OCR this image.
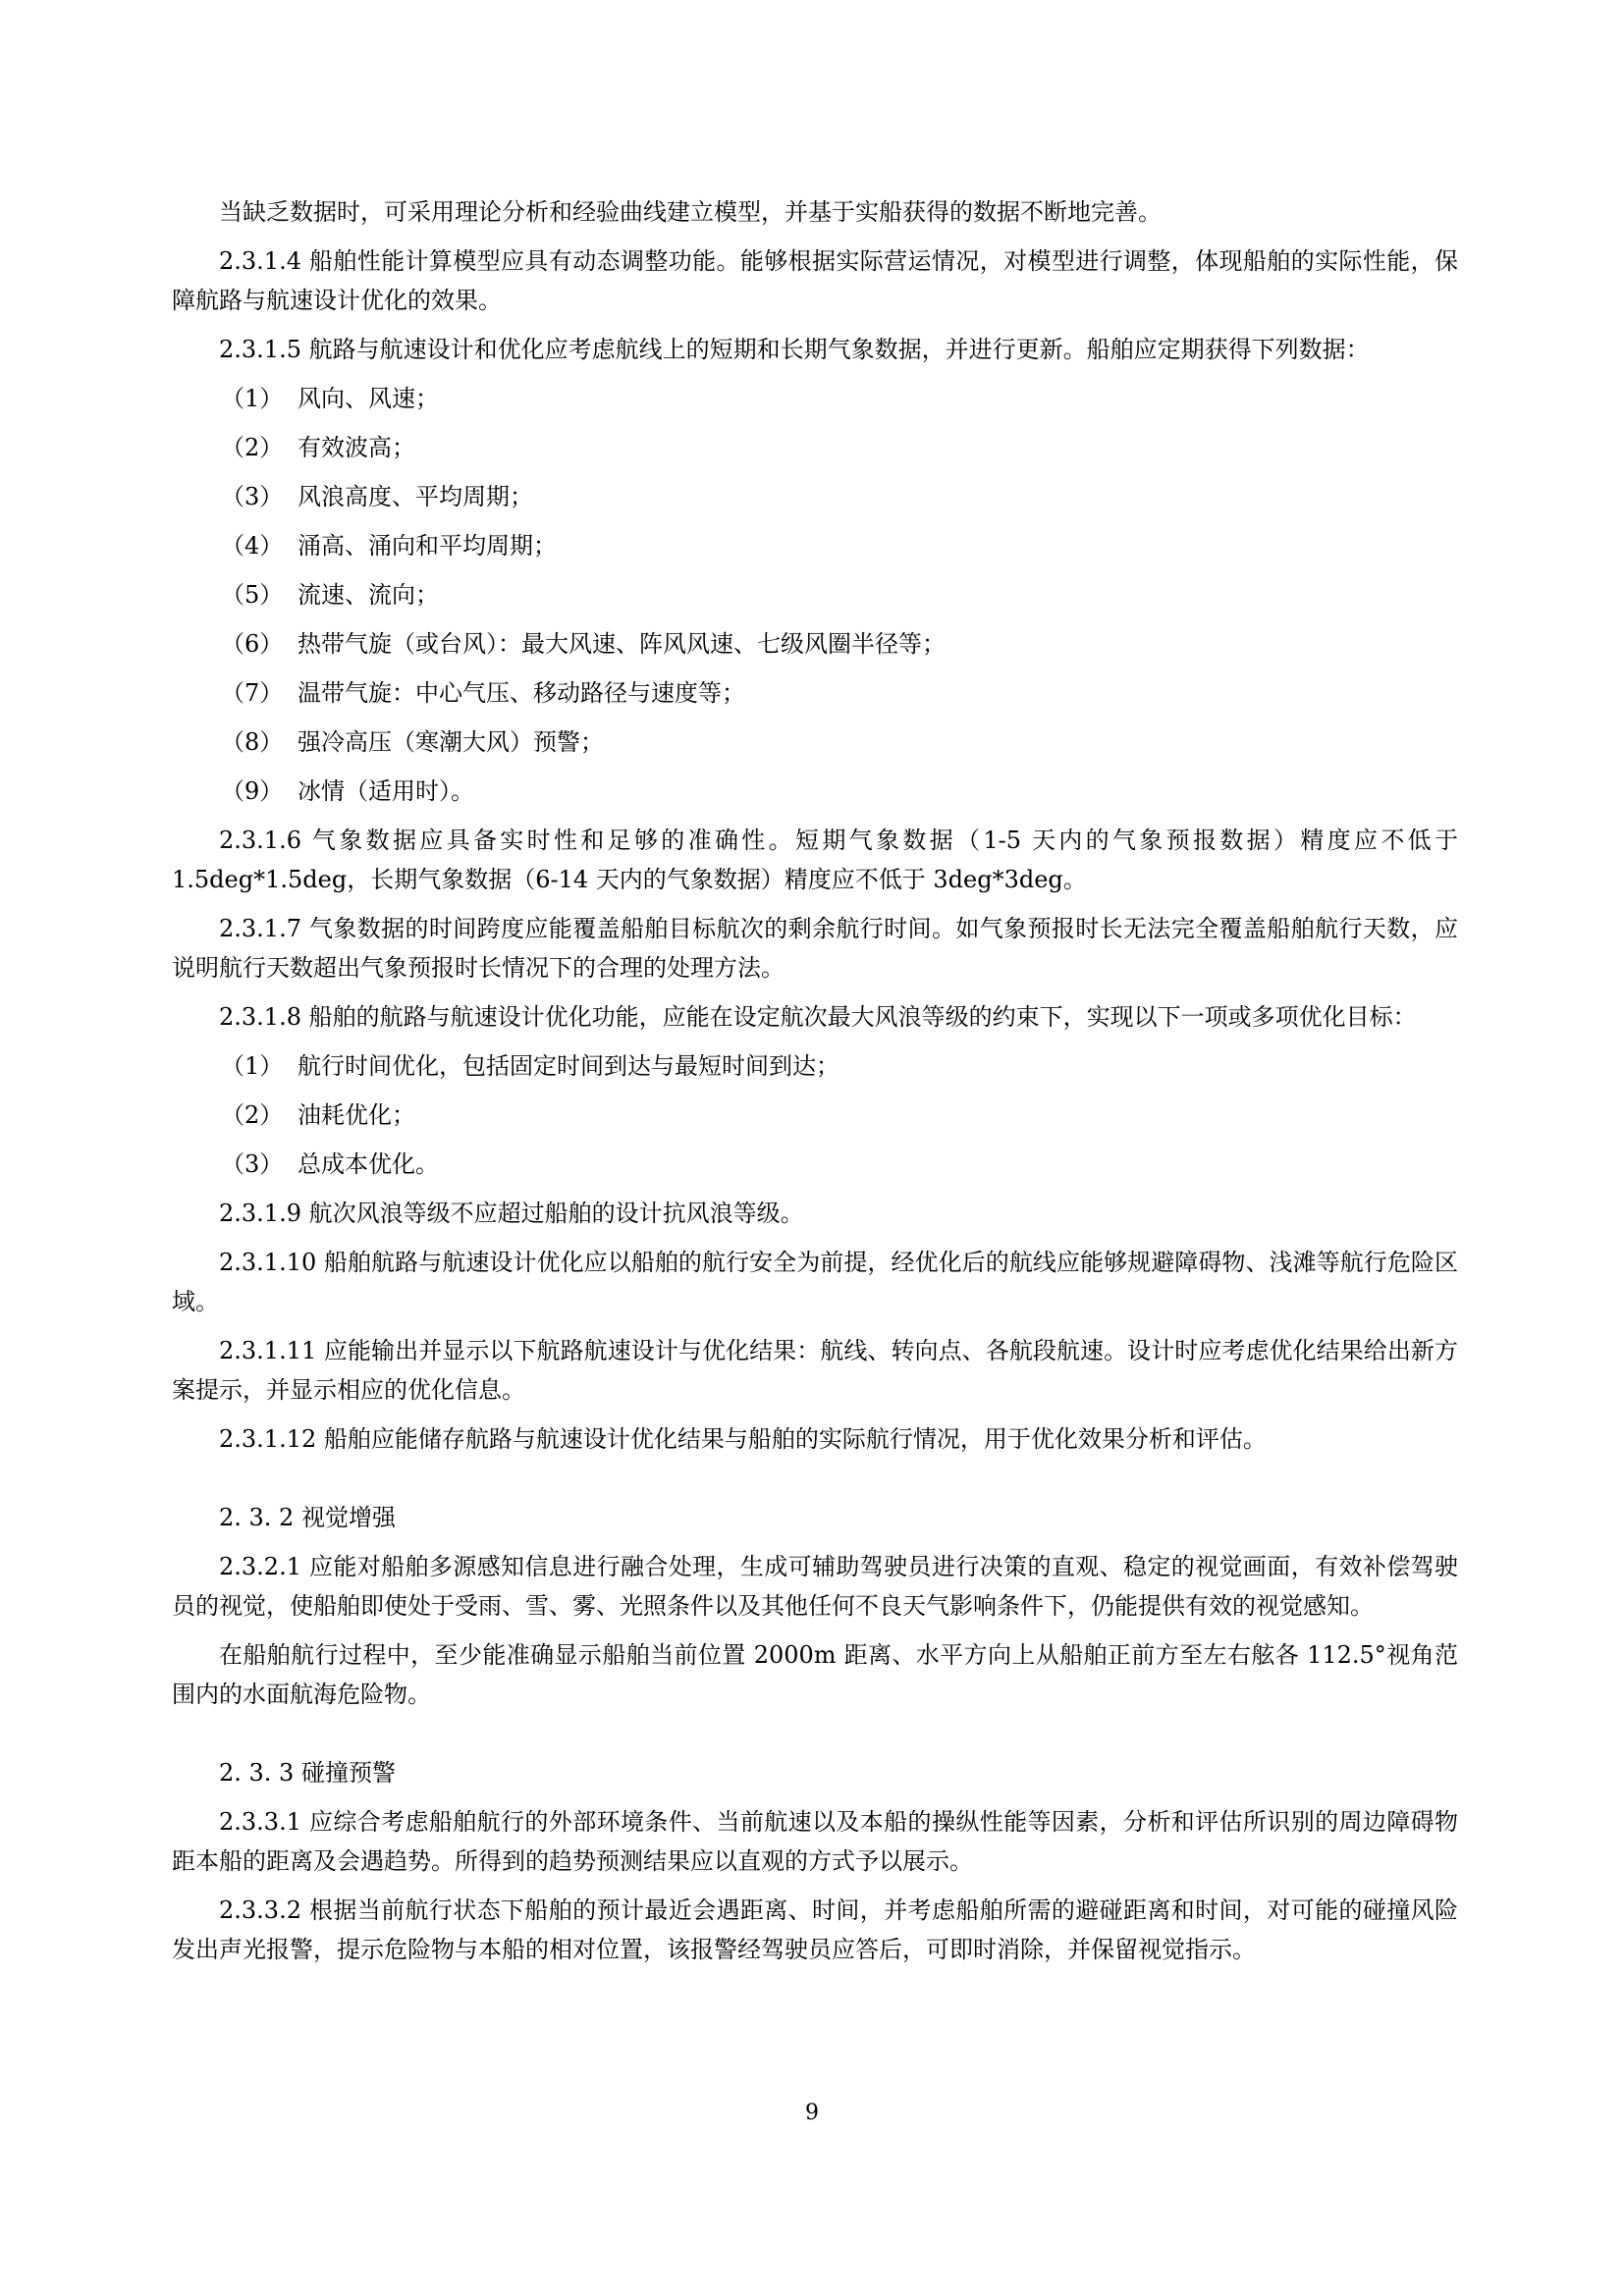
当缺乏数据时，可采用理论分析和经验曲线建立模型，并基于实船获得的数据不断地完善。

2.3.1.4 船舶性能计算模型应具有动态调整功能。能够根据实际营运情况，对模型进行调整，体现船舶的实际性能，保障航路与航速设计优化的效果。

2.3.1.5 航路与航速设计和优化应考虑航线上的短期和长期气象数据，并进行更新。船舶应定期获得下列数据：

（1） 风向、风速；
（2） 有效波高；
（3） 风浪高度、平均周期；
（4） 涌高、涌向和平均周期；
（5） 流速、流向；
（6） 热带气旋（或台风）：最大风速、阵风风速、七级风圈半径等；
（7） 温带气旋：中心气压、移动路径与速度等；
（8） 强冷高压（寒潮大风）预警；
（9） 冰情（适用时）。

2.3.1.6 气象数据应具备实时性和足够的准确性。短期气象数据（1-5 天内的气象预报数据）精度应不低于 1.5deg*1.5deg，长期气象数据（6-14 天内的气象数据）精度应不低于 3deg*3deg。

2.3.1.7 气象数据的时间跨度应能覆盖船舶目标航次的剩余航行时间。如气象预报时长无法完全覆盖船舶航行天数，应说明航行天数超出气象预报时长情况下的合理的处理方法。

2.3.1.8 船舶的航路与航速设计优化功能，应能在设定航次最大风浪等级的约束下，实现以下一项或多项优化目标：

（1） 航行时间优化，包括固定时间到达与最短时间到达；
（2） 油耗优化；
（3） 总成本优化。

2.3.1.9 航次风浪等级不应超过船舶的设计抗风浪等级。

2.3.1.10 船舶航路与航速设计优化应以船舶的航行安全为前提，经优化后的航线应能够规避障碍物、浅滩等航行危险区域。

2.3.1.11 应能输出并显示以下航路航速设计与优化结果：航线、转向点、各航段航速。设计时应考虑优化结果给出新方案提示，并显示相应的优化信息。

2.3.1.12 船舶应能储存航路与航速设计优化结果与船舶的实际航行情况，用于优化效果分析和评估。

2. 3. 2 视觉增强

2.3.2.1 应能对船舶多源感知信息进行融合处理，生成可辅助驾驶员进行决策的直观、稳定的视觉画面，有效补偿驾驶员的视觉，使船舶即使处于受雨、雪、雾、光照条件以及其他任何不良天气影响条件下，仍能提供有效的视觉感知。

在船舶航行过程中，至少能准确显示船舶当前位置 2000m 距离、水平方向上从船舶正前方至左右舷各 112.5°视角范围内的水面航海危险物。

2. 3. 3 碰撞预警

2.3.3.1 应综合考虑船舶航行的外部环境条件、当前航速以及本船的操纵性能等因素，分析和评估所识别的周边障碍物距本船的距离及会遇趋势。所得到的趋势预测结果应以直观的方式予以展示。

2.3.3.2 根据当前航行状态下船舶的预计最近会遇距离、时间，并考虑船舶所需的避碰距离和时间，对可能的碰撞风险发出声光报警，提示危险物与本船的相对位置，该报警经驾驶员应答后，可即时消除，并保留视觉指示。

9
